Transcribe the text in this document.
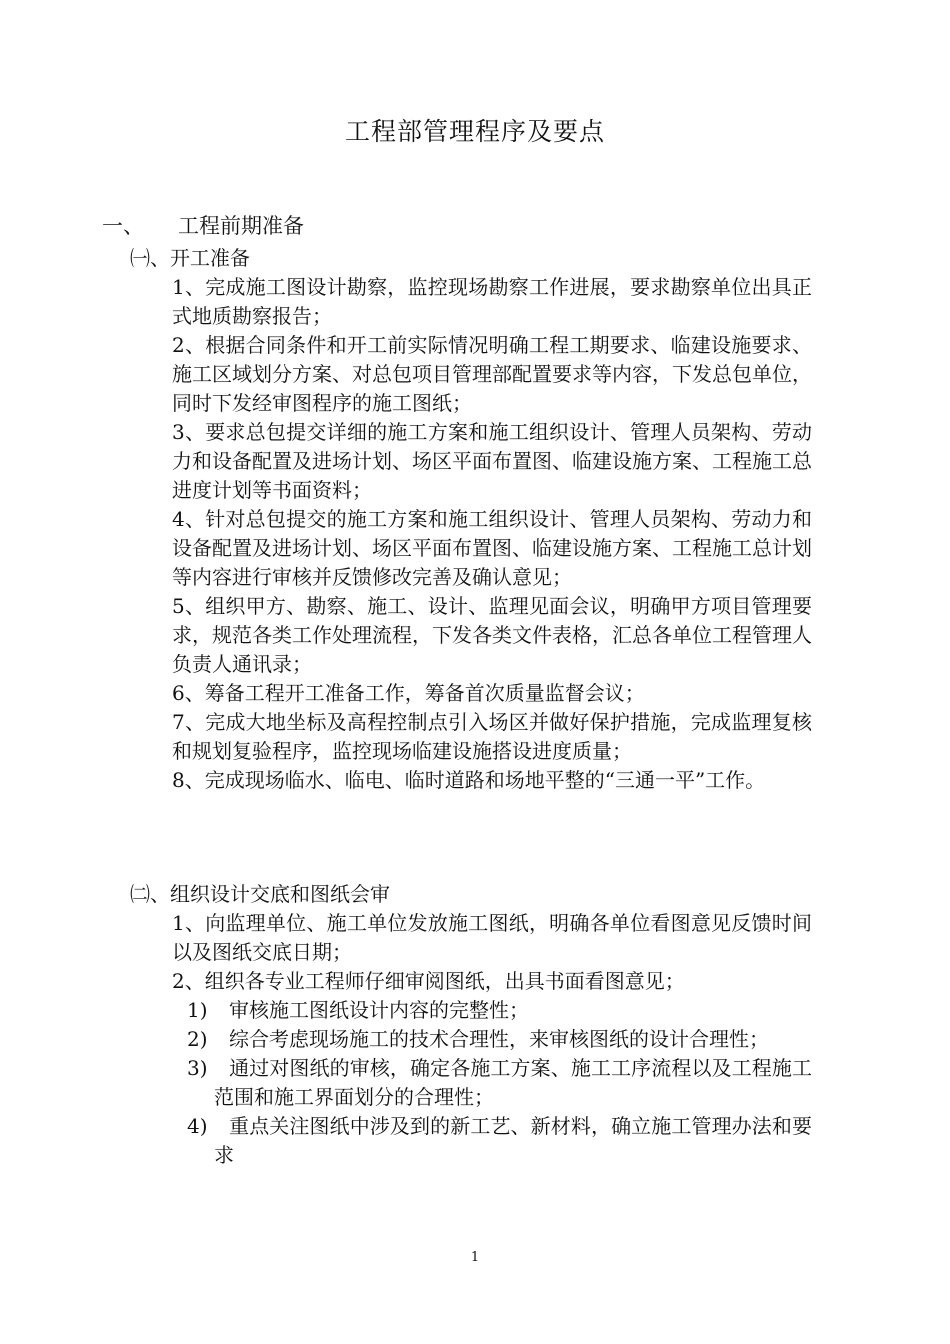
工程部管理程序及要点
一、 工程前期准备
㈠、开工准备

1、完成施工图设计勘察，监控现场勘察工作进展，要求勘察单位出具正式地质勘察报告；

2、根据合同条件和开工前实际情况明确工程工期要求、临建设施要求、施工区域划分方案、对总包项目管理部配置要求等内容，下发总包单位，同时下发经审图程序的施工图纸；

3、要求总包提交详细的施工方案和施工组织设计、管理人员架构、劳动力和设备配置及进场计划、场区平面布置图、临建设施方案、工程施工总进度计划等书面资料；

4、针对总包提交的施工方案和施工组织设计、管理人员架构、劳动力和设备配置及进场计划、场区平面布置图、临建设施方案、工程施工总计划等内容进行审核并反馈修改完善及确认意见；

5、组织甲方、勘察、施工、设计、监理见面会议，明确甲方项目管理要求，规范各类工作处理流程，下发各类文件表格，汇总各单位工程管理人负责人通讯录；

6、筹备工程开工准备工作，筹备首次质量监督会议；

7、完成大地坐标及高程控制点引入场区并做好保护措施，完成监理复核和规划复验程序，监控现场临建设施搭设进度质量；

8、完成现场临水、临电、临时道路和场地平整的“三通一平”工作。

㈡、组织设计交底和图纸会审

1、向监理单位、施工单位发放施工图纸，明确各单位看图意见反馈时间以及图纸交底日期；

2、组织各专业工程师仔细审阅图纸，出具书面看图意见；

1) 审核施工图纸设计内容的完整性；

2) 综合考虑现场施工的技术合理性，来审核图纸的设计合理性；

3) 通过对图纸的审核，确定各施工方案、施工工序流程以及工程施工范围和施工界面划分的合理性；

4) 重点关注图纸中涉及到的新工艺、新材料，确立施工管理办法和要求

1
